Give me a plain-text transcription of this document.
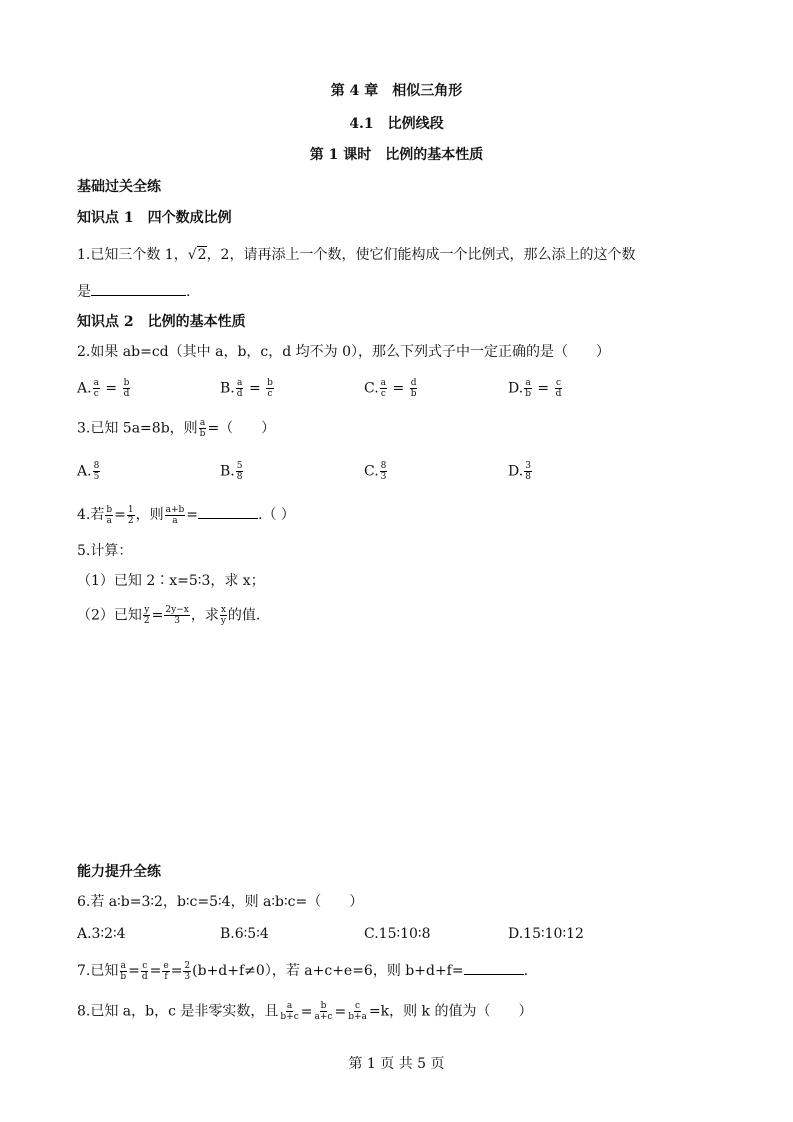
第 4 章　相似三角形
4.1　比例线段
第 1 课时　比例的基本性质
基础过关全练
知识点 1　四个数成比例
1.已知三个数 1，√2，2，请再添上一个数，使它们能构成一个比例式，那么添上的这个数
是	.
知识点 2　比例的基本性质
2.如果 ab=cd（其中 a，b，c，d 均不为 0），那么下列式子中一定正确的是（　　）
A. $\frac{a}{c} = \frac{b}{d}$	B. $\frac{a}{d} = \frac{b}{c}$	C. $\frac{a}{c} = \frac{d}{b}$	D. $\frac{a}{b} = \frac{c}{d}$
3.已知 5a=8b，则 $\frac{a}{b}$ =（　　）
A. $\frac{8}{5}$	B. $\frac{5}{8}$	C. $\frac{8}{3}$	D. $\frac{3}{8}$
4.若 $\frac{b}{a} = \frac{1}{2}$ ，则 $\frac{a+b}{a}$ =	.（ ）
5.计算：
（1）已知 2∶x=5∶3，求 x；
（2）已知 $\frac{y}{2} = \frac{2y-x}{3}$ ，求 $\frac{x}{y}$ 的值.
能力提升全练
6.若 a∶b=3∶2，b∶c=5∶4，则 a∶b∶c=（　　）
A.3∶2∶4	B.6∶5∶4	C.15∶10∶8	D.15∶10∶12
7.已知 $\frac{a}{b} = \frac{c}{d} = \frac{e}{f} = \frac{2}{3} (b+d+f\ne 0)$，若 a+c+e=6，则 b+d+f=	.
8.已知 a，b，c 是非零实数，且 $\frac{a}{b+c} = \frac{b}{a+c} = \frac{c}{b+a} =k$，则 k 的值为（　　）
第 1 页 共 5 页
